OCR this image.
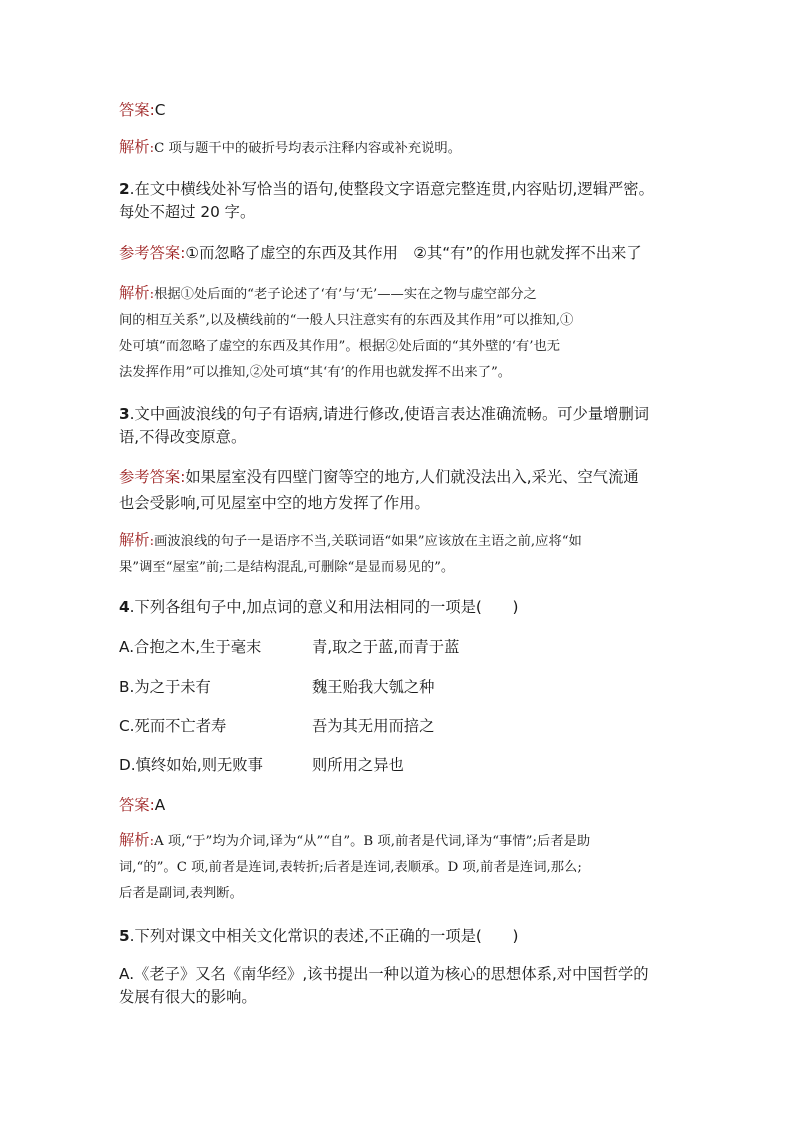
答案:C
解析:C 项与题干中的破折号均表示注释内容或补充说明。
2.在文中横线处补写恰当的语句,使整段文字语意完整连贯,内容贴切,逻辑严密。
每处不超过 20 字。
参考答案:①而忽略了虚空的东西及其作用　②其“有”的作用也就发挥不出来了
解析:根据①处后面的“老子论述了‘有’与‘无’——实在之物与虚空部分之
间的相互关系”,以及横线前的“一般人只注意实有的东西及其作用”可以推知,①
处可填“而忽略了虚空的东西及其作用”。根据②处后面的“其外壁的‘有’也无
法发挥作用”可以推知,②处可填“其‘有’的作用也就发挥不出来了”。
3.文中画波浪线的句子有语病,请进行修改,使语言表达准确流畅。可少量增删词
语,不得改变原意。
参考答案:如果屋室没有四壁门窗等空的地方,人们就没法出入,采光、空气流通
也会受影响,可见屋室中空的地方发挥了作用。
解析:画波浪线的句子一是语序不当,关联词语“如果”应该放在主语之前,应将“如
果”调至“屋室”前;二是结构混乱,可删除“是显而易见的”。
4.下列各组句子中,加点词的意义和用法相同的一项是(　　)
A.合抱之木,生于毫末	青,取之于蓝,而青于蓝
B.为之于未有	魏王贻我大瓠之种
C.死而不亡者寿	吾为其无用而掊之
D.慎终如始,则无败事	则所用之异也
答案:A
解析:A 项,“于”均为介词,译为“从”“自”。B 项,前者是代词,译为“事情”;后者是助
词,“的”。C 项,前者是连词,表转折;后者是连词,表顺承。D 项,前者是连词,那么;
后者是副词,表判断。
5.下列对课文中相关文化常识的表述,不正确的一项是(　　)
A.《老子》又名《南华经》,该书提出一种以道为核心的思想体系,对中国哲学的
发展有很大的影响。
